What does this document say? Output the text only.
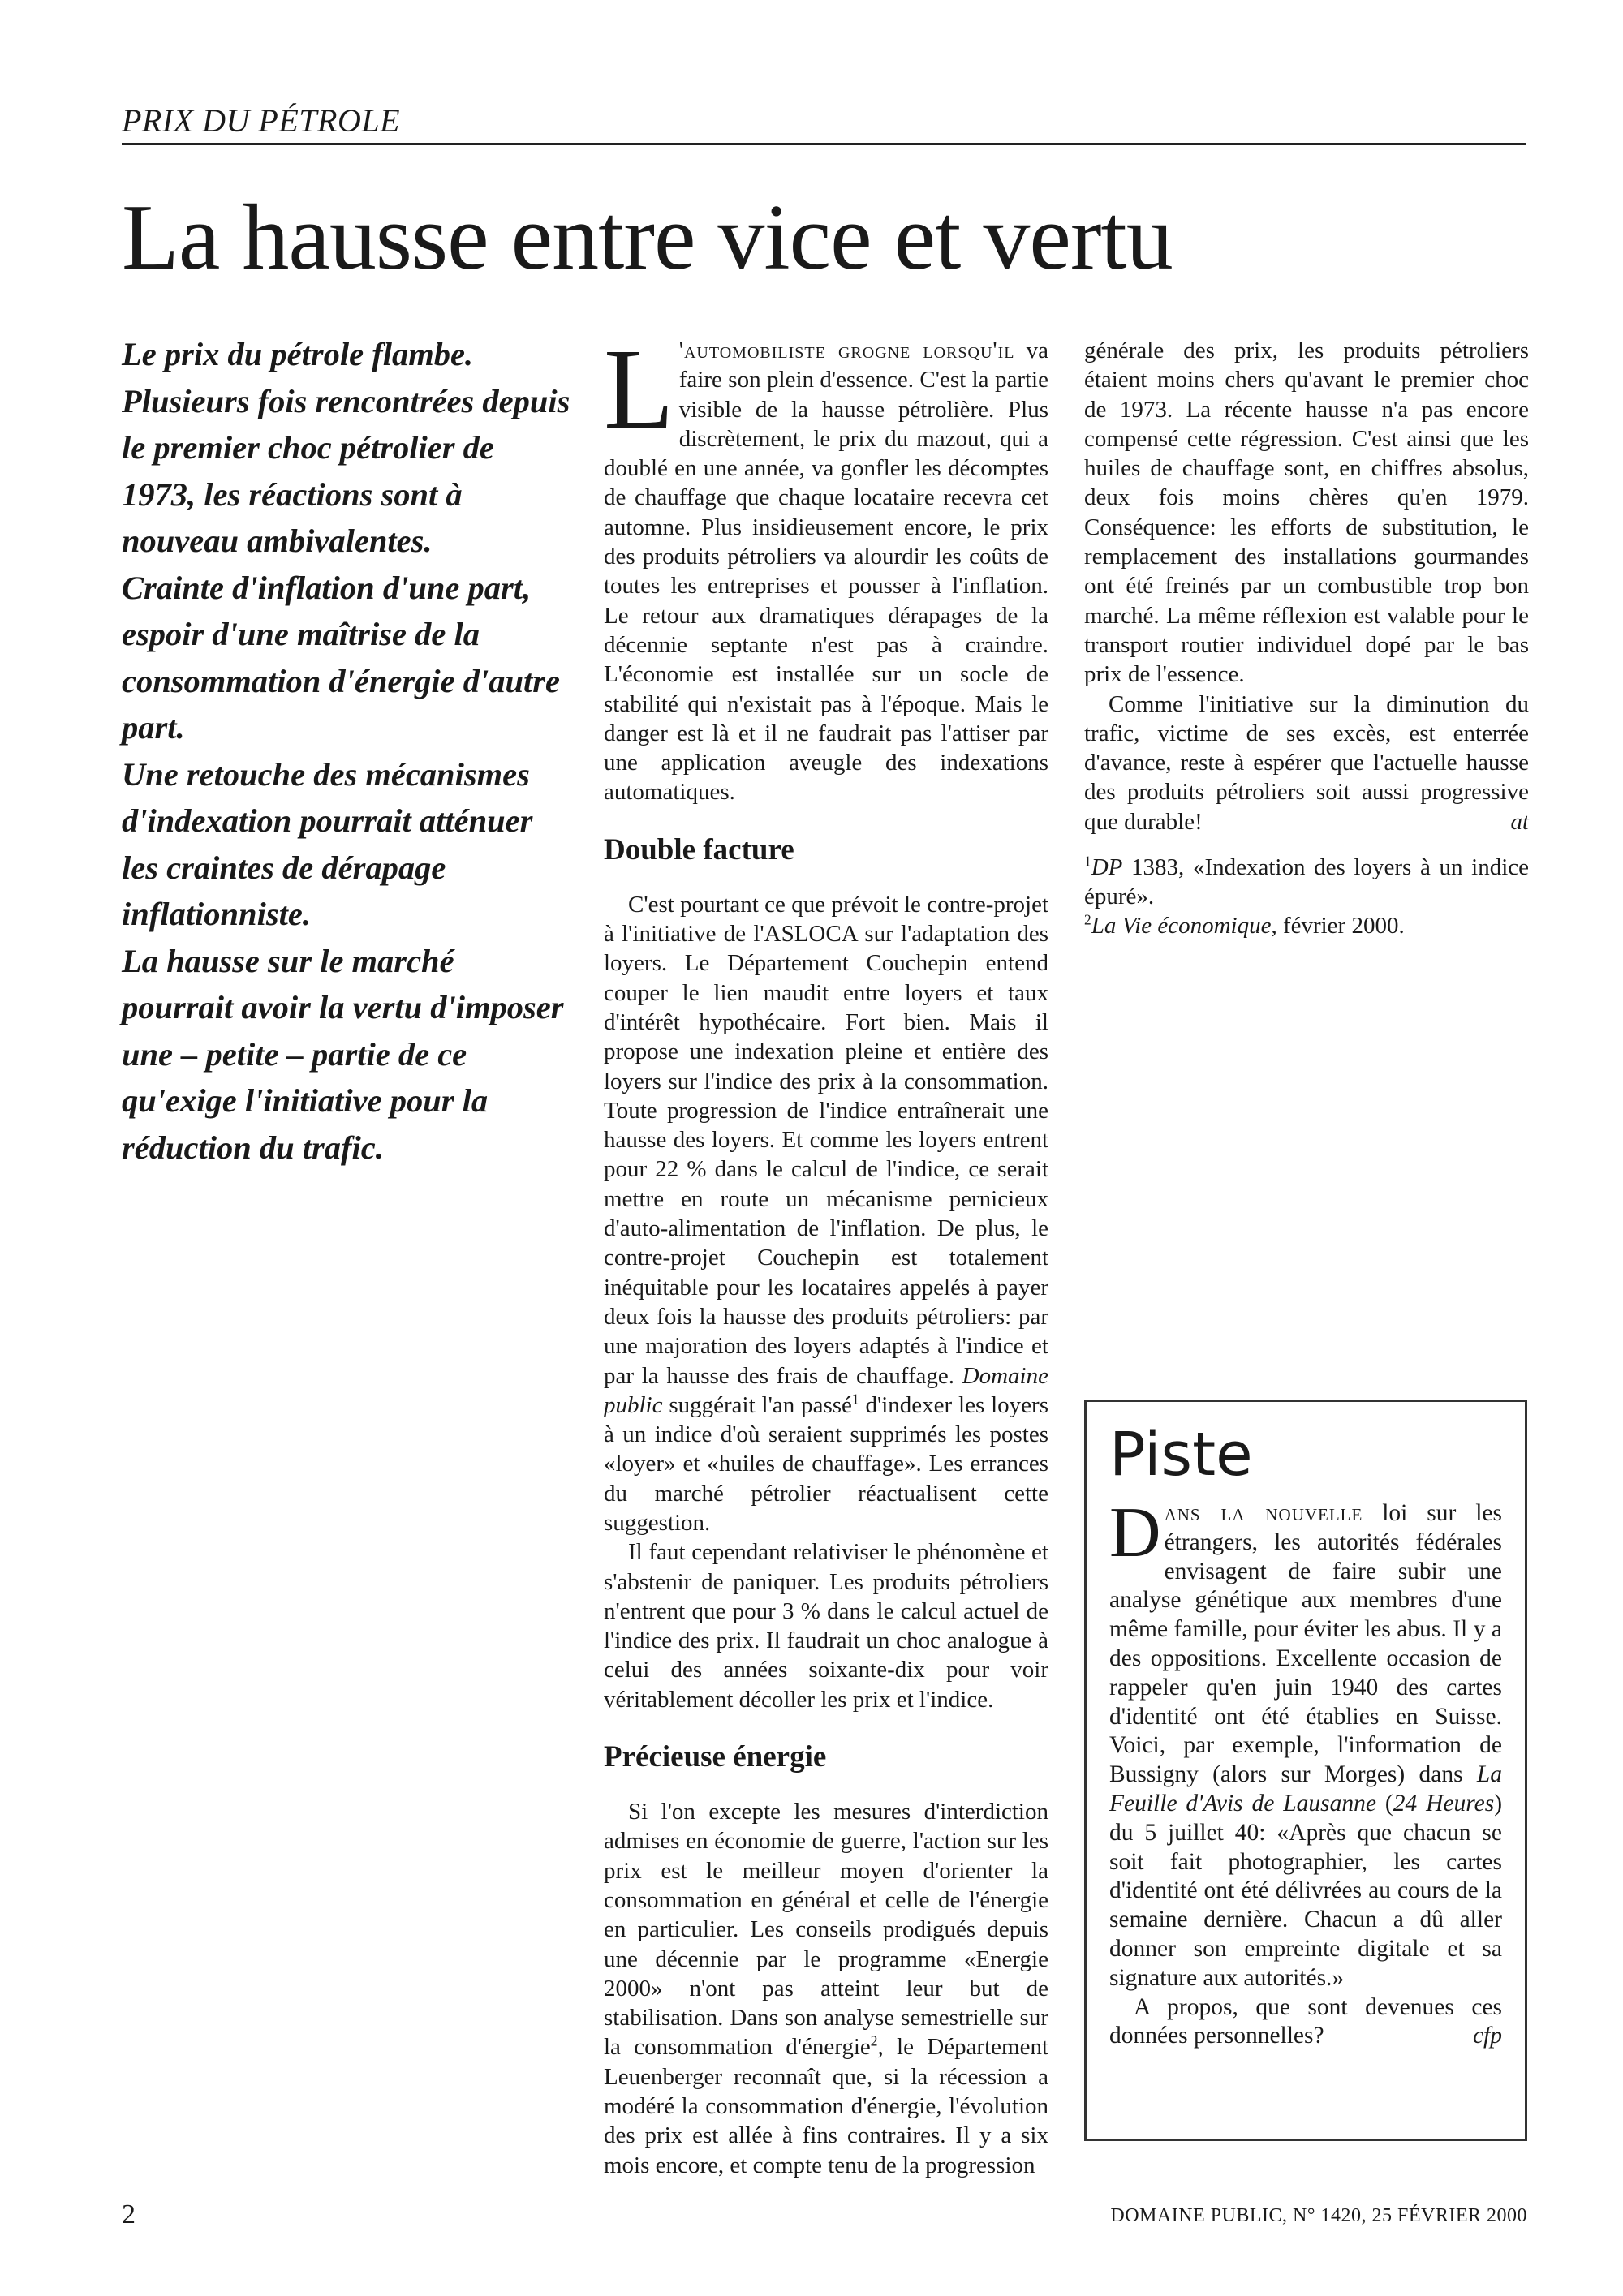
PRIX DU PÉTROLE
La hausse entre vice et vertu

Le prix du pétrole flambe. Plusieurs fois rencontrées depuis le premier choc pétrolier de 1973, les réactions sont à nouveau ambivalentes.

Crainte d'inflation d'une part, espoir d'une maîtrise de la consommation d'énergie d'autre part.

Une retouche des mécanismes d'indexation pourrait atténuer les craintes de dérapage inflationniste.

La hausse sur le marché pourrait avoir la vertu d'imposer une – petite – partie de ce qu'exige l'initiative pour la réduction du trafic.

L 'automobiliste grogne lorsqu'il va faire son plein d'essence. C'est la partie visible de la hausse pétrolière. Plus discrètement, le prix du mazout, qui a doublé en une année, va gonfler les décomptes de chauffage que chaque locataire recevra cet automne. Plus insidieusement encore, le prix des produits pétroliers va alourdir les coûts de toutes les entreprises et pousser à l'inflation. Le retour aux dramatiques dérapages de la décennie septante n'est pas à craindre. L'économie est installée sur un socle de stabilité qui n'existait pas à l'époque. Mais le danger est là et il ne faudrait pas l'attiser par une application aveugle des indexations automatiques.

Double facture

C'est pourtant ce que prévoit le contre-projet à l'initiative de l'ASLOCA sur l'adaptation des loyers. Le Département Couchepin entend couper le lien maudit entre loyers et taux d'intérêt hypothécaire. Fort bien. Mais il propose une indexation pleine et entière des loyers sur l'indice des prix à la consommation. Toute progression de l'indice entraînerait une hausse des loyers. Et comme les loyers entrent pour 22 % dans le calcul de l'indice, ce serait mettre en route un mécanisme pernicieux d'auto-alimentation de l'inflation. De plus, le contre-projet Couchepin est totalement inéquitable pour les locataires appelés à payer deux fois la hausse des produits pétroliers: par une majoration des loyers adaptés à l'indice et par la hausse des frais de chauffage. Domaine public suggérait l'an passé$^1$ d'indexer les loyers à un indice d'où seraient supprimés les postes «loyer» et «huiles de chauffage». Les errances du marché pétrolier réactualisent cette suggestion.

Il faut cependant relativiser le phénomène et s'abstenir de paniquer. Les produits pétroliers n'entrent que pour 3 % dans le calcul actuel de l'indice des prix. Il faudrait un choc analogue à celui des années soixante-dix pour voir véritablement décoller les prix et l'indice.

Précieuse énergie

Si l'on excepte les mesures d'interdiction admises en économie de guerre, l'action sur les prix est le meilleur moyen d'orienter la consommation en général et celle de l'énergie en particulier. Les conseils prodigués depuis une décennie par le programme «Energie 2000» n'ont pas atteint leur but de stabilisation. Dans son analyse semestrielle sur la consommation d'énergie$^2$, le Département Leuenberger reconnaît que, si la récession a modéré la consommation d'énergie, l'évolution des prix est allée à fins contraires. Il y a six mois encore, et compte tenu de la progression

générale des prix, les produits pétroliers étaient moins chers qu'avant le premier choc de 1973. La récente hausse n'a pas encore compensé cette régression. C'est ainsi que les huiles de chauffage sont, en chiffres absolus, deux fois moins chères qu'en 1979. Conséquence: les efforts de substitution, le remplacement des installations gourmandes ont été freinés par un combustible trop bon marché. La même réflexion est valable pour le transport routier individuel dopé par le bas prix de l'essence.

Comme l'initiative sur la diminution du trafic, victime de ses excès, est enterrée d'avance, reste à espérer que l'actuelle hausse des produits pétroliers soit aussi progressive que durable!	at

$^1$DP 1383, «Indexation des loyers à un indice épuré».

$^2$La Vie économique, février 2000.

Piste

Dans la nouvelle loi sur les étrangers, les autorités fédérales envisagent de faire subir une analyse génétique aux membres d'une même famille, pour éviter les abus. Il y a des oppositions. Excellente occasion de rappeler qu'en juin 1940 des cartes d'identité ont été établies en Suisse. Voici, par exemple, l'information de Bussigny (alors sur Morges) dans La Feuille d'Avis de Lausanne (24 Heures) du 5 juillet 40: «Après que chacun se soit fait photographier, les cartes d'identité ont été délivrées au cours de la semaine dernière. Chacun a dû aller donner son empreinte digitale et sa signature aux autorités.»

A propos, que sont devenues ces données personnelles?	cfp

2	DOMAINE PUBLIC, N° 1420, 25 FÉVRIER 2000
